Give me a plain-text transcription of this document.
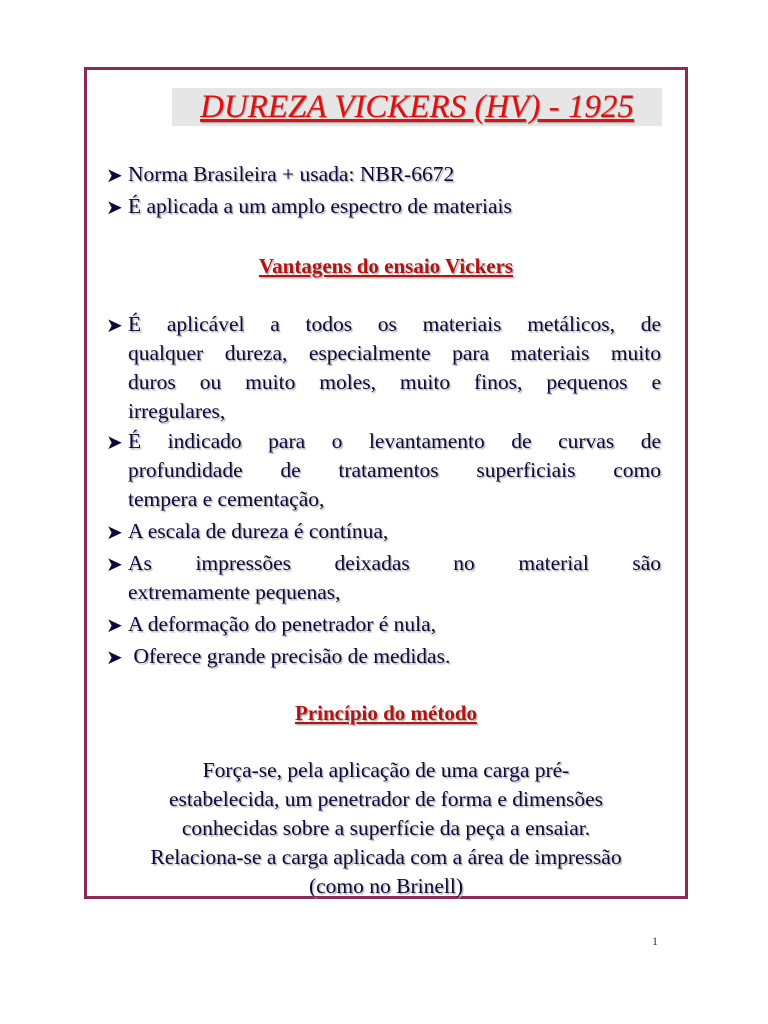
DUREZA VICKERS (HV) - 1925
➤ Norma Brasileira + usada: NBR-6672
➤ É aplicada a um amplo espectro de materiais
Vantagens do ensaio Vickers
➤ É aplicável a todos os materiais metálicos, de
qualquer dureza, especialmente para materiais muito
duros ou muito moles, muito finos, pequenos e
irregulares,
➤ É indicado para o levantamento de curvas de
profundidade de tratamentos superficiais como
tempera e cementação,
➤ A escala de dureza é contínua,
➤ As impressões deixadas no material são
extremamente pequenas,
➤ A deformação do penetrador é nula,
➤ Oferece grande precisão de medidas.
Princípio do método
Força-se, pela aplicação de uma carga pré-
estabelecida, um penetrador de forma e dimensões
conhecidas sobre a superfície da peça a ensaiar.
Relaciona-se a carga aplicada com a área de impressão
(como no Brinell)
1
